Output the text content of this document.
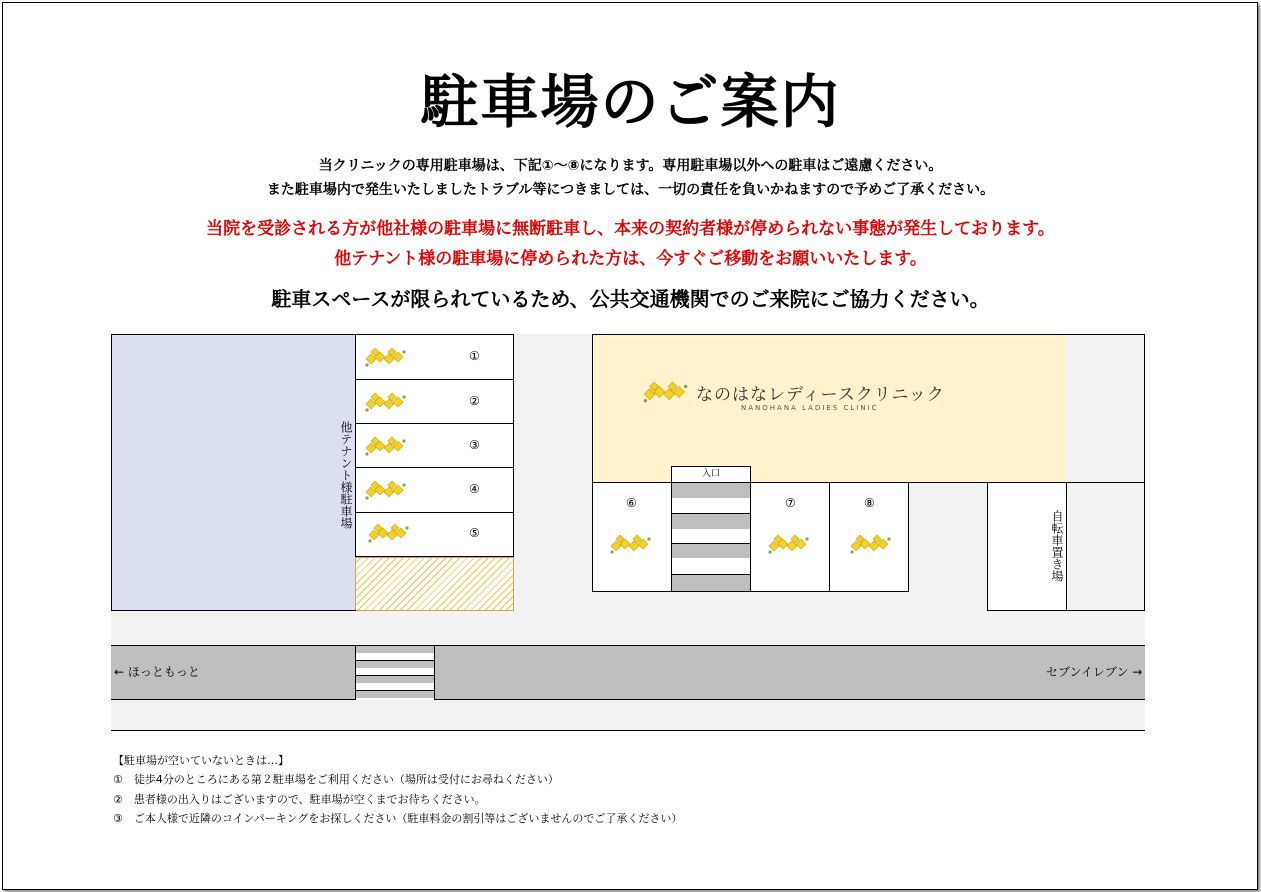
駐車場のご案内
当クリニックの専用駐車場は、下記①～⑧になります。専用駐車場以外への駐車はご遠慮ください。
また駐車場内で発生いたしましたトラブル等につきましては、一切の責任を負いかねますので予めご了承ください。
当院を受診される方が他社様の駐車場に無断駐車し、本来の契約者様が停められない事態が発生しております。
他テナント様の駐車場に停められた方は、今すぐご移動をお願いいたします。
駐車スペースが限られているため、公共交通機関でのご来院にご協力ください。
他テナント様駐車場
①
②
③
④
⑤
なのはなレディースクリニック
NANOHANA LADIES CLINIC
⑥
入口
⑦	⑧
自転車置き場
← ほっともっと	セブンイレブン →
【駐車場が空いていないときは…】
①　徒歩4分のところにある第２駐車場をご利用ください（場所は受付にお尋ねください）
②　患者様の出入りはございますので、駐車場が空くまでお待ちください。
③　ご本人様で近隣のコインパーキングをお探しください（駐車料金の割引等はございませんのでご了承ください）
